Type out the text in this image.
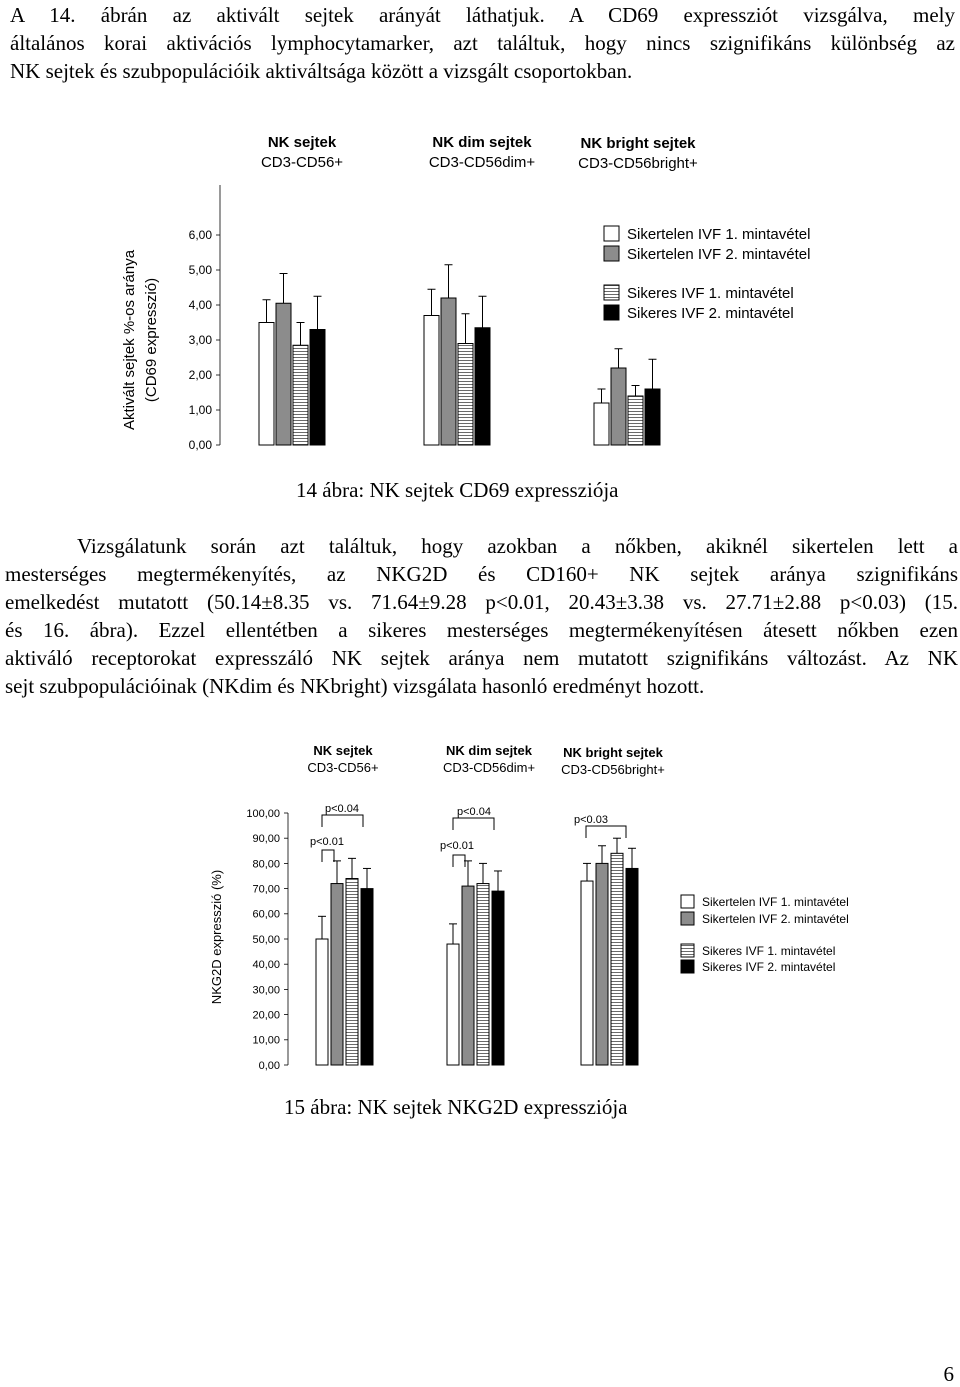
A 14. ábrán az aktivált sejtek arányát láthatjuk. A CD69 expressziót vizsgálva, mely
általános korai aktivációs lymphocytamarker, azt találtuk, hogy nincs szignifikáns különbség az
NK sejtek és szubpopulációik aktiváltsága között a vizsgált csoportokban.
NK sejtek
CD3-CD56+
NK dim sejtek
CD3-CD56dim+
NK bright sejtek
CD3-CD56bright+
Aktivált sejtek %-os aránya (CD69 expresszió)
6,00
5,00
4,00
3,00
2,00
1,00
0,00
Sikertelen IVF 1. mintavétel
Sikertelen IVF 2. mintavétel
Sikeres IVF 1. mintavétel
Sikeres IVF 2. mintavétel
14 ábra: NK sejtek CD69 expressziója
Vizsgálatunk során azt találtuk, hogy azokban a nőkben, akiknél sikertelen lett a
mesterséges megtermékenyítés, az NKG2D és CD160+ NK sejtek aránya szignifikáns
emelkedést mutatott (50.14±8.35 vs. 71.64±9.28 p<0.01, 20.43±3.38 vs. 27.71±2.88 p<0.03) (15.
és 16. ábra). Ezzel ellentétben a sikeres mesterséges megtermékenyítésen átesett nőkben ezen
aktiváló receptorokat expresszáló NK sejtek aránya nem mutatott szignifikáns változást. Az NK
sejt szubpopulációinak (NKdim és NKbright) vizsgálata hasonló eredményt hozott.
NK sejtek
CD3-CD56+
NK dim sejtek
CD3-CD56dim+
NK bright sejtek
CD3-CD56bright+
NKG2D expresszió (%)
100,00
90,00
80,00
70,00
60,00
50,00
40,00
30,00
20,00
10,00
0,00
p<0.04	p<0.04
p<0.03
p<0.01	p<0.01
Sikertelen IVF 1. mintavétel
Sikertelen IVF 2. mintavétel
Sikeres IVF 1. mintavétel
Sikeres IVF 2. mintavétel
15 ábra: NK sejtek NKG2D expressziója
6
